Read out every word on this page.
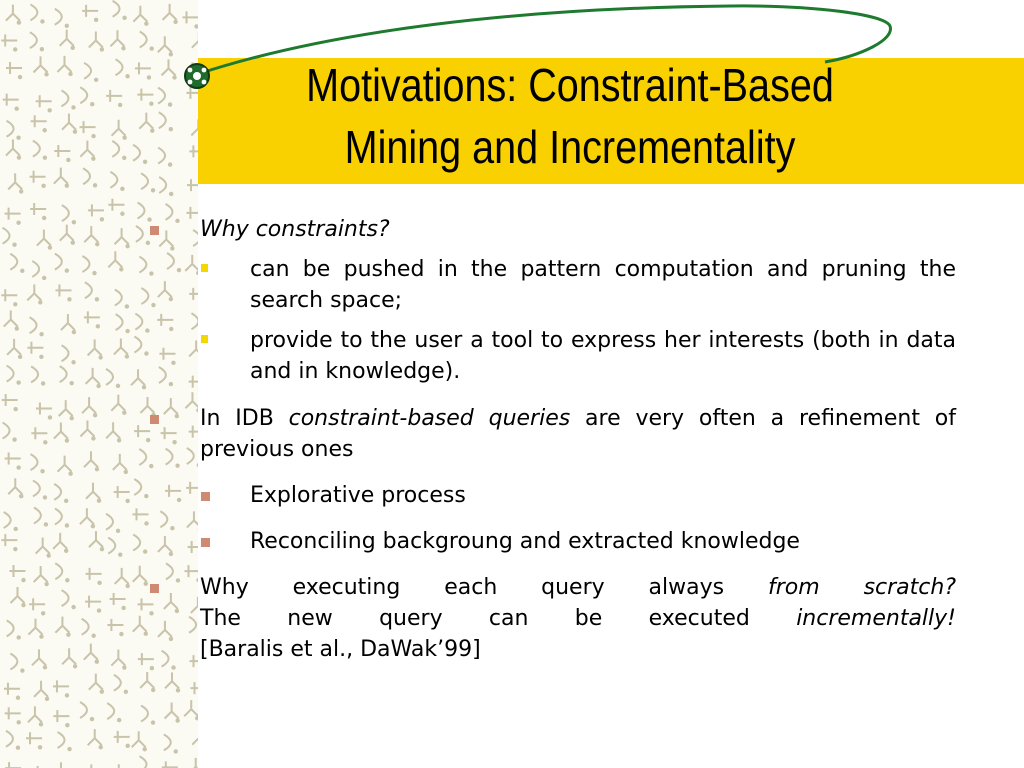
Motivations: Constraint-Based
Mining and Incrementality
Why constraints?
can be pushed in the pattern computation and pruning the search space;
provide to the user a tool to express her interests (both in data and in knowledge).
In IDB constraint-based queries are very often a refinement of previous ones
Explorative process
Reconciling backgroung and extracted knowledge
Why executing each query always from scratch?
The new query can be executed incrementally!
[Baralis et al., DaWak’99]
